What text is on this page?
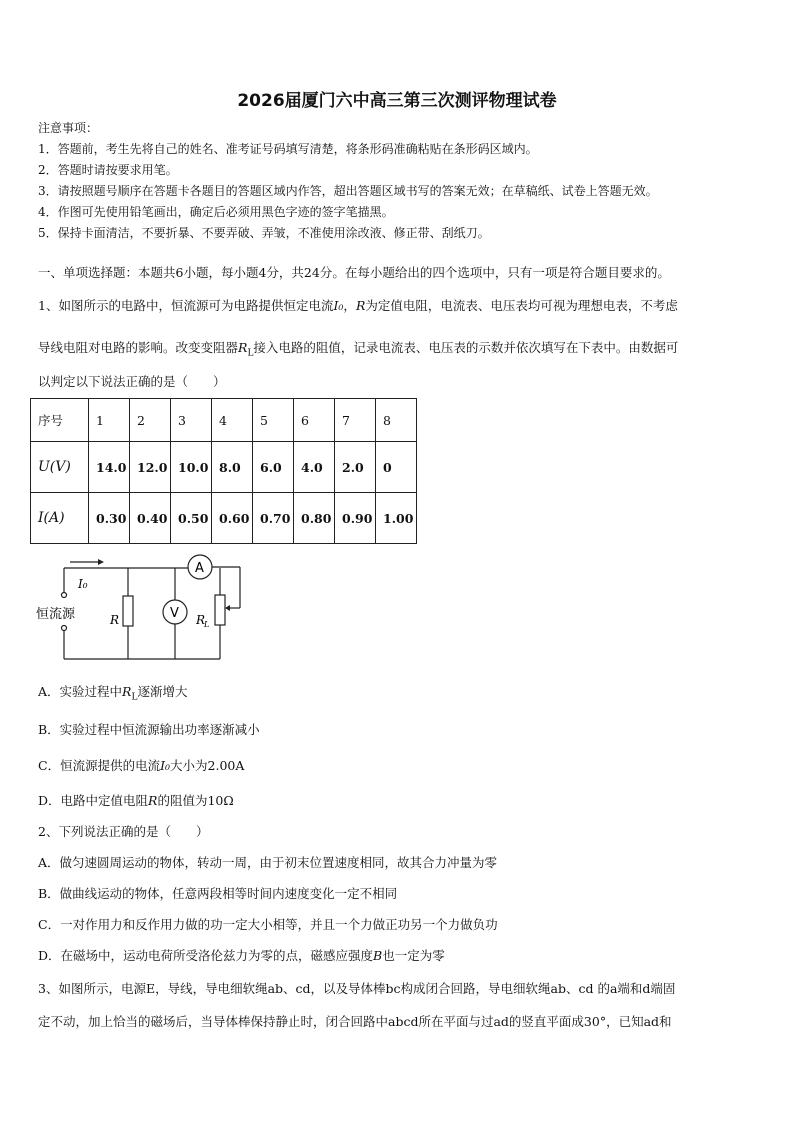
2026届厦门六中高三第三次测评物理试卷
注意事项：
1．答题前，考生先将自己的姓名、准考证号码填写清楚，将条形码准确粘贴在条形码区域内。
2．答题时请按要求用笔。
3．请按照题号顺序在答题卡各题目的答题区域内作答，超出答题区域书写的答案无效；在草稿纸、试卷上答题无效。
4．作图可先使用铅笔画出，确定后必须用黑色字迹的签字笔描黑。
5．保持卡面清洁，不要折暴、不要弄破、弄皱，不准使用涂改液、修正带、刮纸刀。
一、单项选择题：本题共6小题，每小题4分，共24分。在每小题给出的四个选项中，只有一项是符合题目要求的。
1、如图所示的电路中，恒流源可为电路提供恒定电流I₀，R为定值电阻，电流表、电压表均可视为理想电表，不考虑
导线电阻对电路的影响。改变变阻器$R_L$接入电路的阻值，记录电流表、电压表的示数并依次填写在下表中。由数据可
以判定以下说法正确的是（　　）
序号	1	2	3	4	5	6	7	8
U(V)	14.0	12.0	10.0	8.0	6.0	4.0	2.0	0
I(A)	0.30	0.40	0.50	0.60	0.70	0.80	0.90	1.00
I₀
恒流源	R	R
L
A
V
A．实验过程中$R_L$逐渐增大
B．实验过程中恒流源输出功率逐渐减小
C．恒流源提供的电流I₀大小为2.00A
D．电路中定值电阻R的阻值为10Ω
2、下列说法正确的是（　　）
A．做匀速圆周运动的物体，转动一周，由于初末位置速度相同，故其合力冲量为零
B．做曲线运动的物体，任意两段相等时间内速度变化一定不相同
C．一对作用力和反作用力做的功一定大小相等，并且一个力做正功另一个力做负功
D．在磁场中，运动电荷所受洛伦兹力为零的点，磁感应强度B也一定为零
3、如图所示，电源E，导线，导电细软绳ab、cd，以及导体棒bc构成闭合回路，导电细软绳ab、cd 的a端和d端固
定不动，加上恰当的磁场后，当导体棒保持静止时，闭合回路中abcd所在平面与过ad的竖直平面成30°，已知ad和
